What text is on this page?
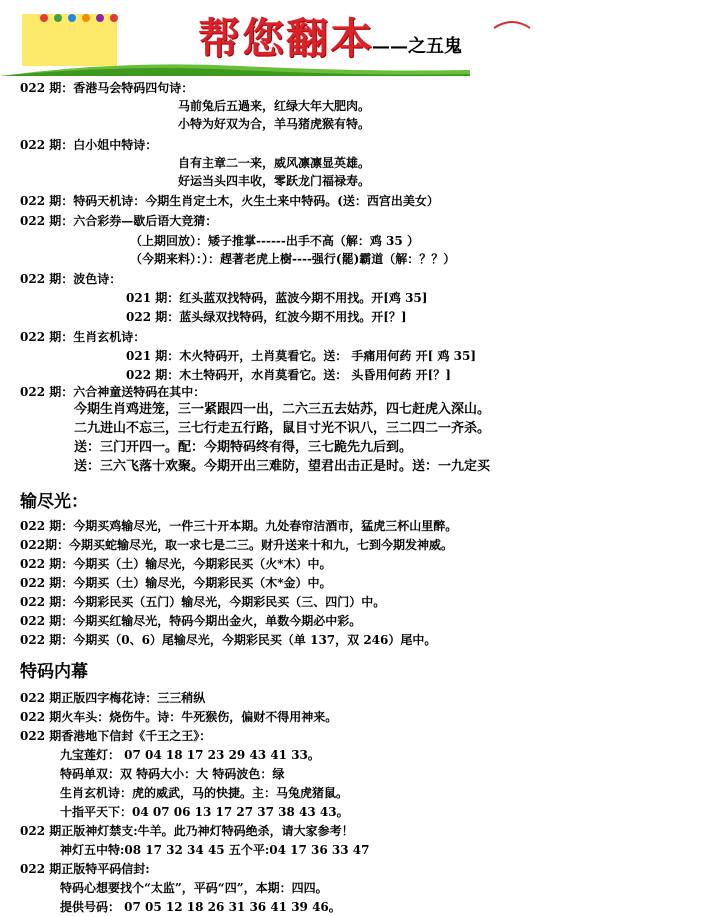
帮您翻本
——之五鬼
022 期：香港马会特码四句诗：
马前兔后五過来，红绿大年大肥肉。
小特为好双为合，羊马猪虎猴有特。
022 期：白小姐中特诗：
自有主章二一来，威风凛凛显英雄。
好运当头四丰收，零跃龙门福禄寿。
022 期：特码天机诗：今期生肖定土木，火生土来中特码。(送：西宫出美女）
022 期：六合彩券—歇后语大竞猜：
（上期回放）：矮子推掌------出手不高（解：鸡 35 ）
（今期来料）：）：趕著老虎上樹----强行(罷)霸道（解：？？）
022 期：波色诗：
021 期：红头蓝双找特码，蓝波今期不用找。开[鸡 35]
022 期：蓝头绿双找特码，红波今期不用找。开[？]
022 期：生肖玄机诗：
021 期：木火特码开，土肖莫看它。送： 手痛用何药 开[ 鸡 35]
022 期：木土特码开，水肖莫看它。送： 头昏用何药 开[？]
022 期：六合神童送特码在其中：
今期生肖鸡进笼，三一紧跟四一出，二六三五去姑苏，四七赶虎入深山。
二九进山不忘三，三七行走五行路，鼠目寸光不识八，三二四二一齐杀。
送：三门开四一。配：今期特码终有得，三七跪先九后到。
送：三六飞落十欢聚。今期开出三难防，望君出击正是时。送：一九定买
输尽光：
022 期：今期买鸡输尽光，一件三十开本期。九处春帘洁酒市，猛虎三杯山里醉。
022期：今期买蛇输尽光，取一求七是二三。财升送来十和九，七到今期发神威。
022 期：今期买（土）输尽光，今期彩民买（火*木）中。
022 期：今期买（土）输尽光，今期彩民买（木*金）中。
022 期：今期彩民买（五门）输尽光，今期彩民买（三、四门）中。
022 期：今期买红输尽光，特码今期出金火，单数今期必中彩。
022 期：今期买（0、6）尾输尽光，今期彩民买（单 137，双 246）尾中。
特码内幕
022 期正版四字梅花诗：三三稍纵
022 期火车头：烧伤牛。诗：牛死猴伤，偏财不得用神来。
022 期香港地下信封《千王之王》：
九宝莲灯： 07 04 18 17 23 29 43 41 33。
特码单双：双 特码大小：大 特码波色：绿
生肖玄机诗：虎的威武，马的快捷。主：马兔虎猪鼠。
十指平天下：04 07 06 13 17 27 37 38 43 43。
022 期正版神灯禁支:牛羊。此乃神灯特码绝杀，请大家参考！
神灯五中特:08 17 32 34 45 五个平:04 17 36 33 47
022 期正版特平码信封:
特码心想要找个“太监”，平码“四”，本期：四四。
提供号码： 07 05 12 18 26 31 36 41 39 46。
